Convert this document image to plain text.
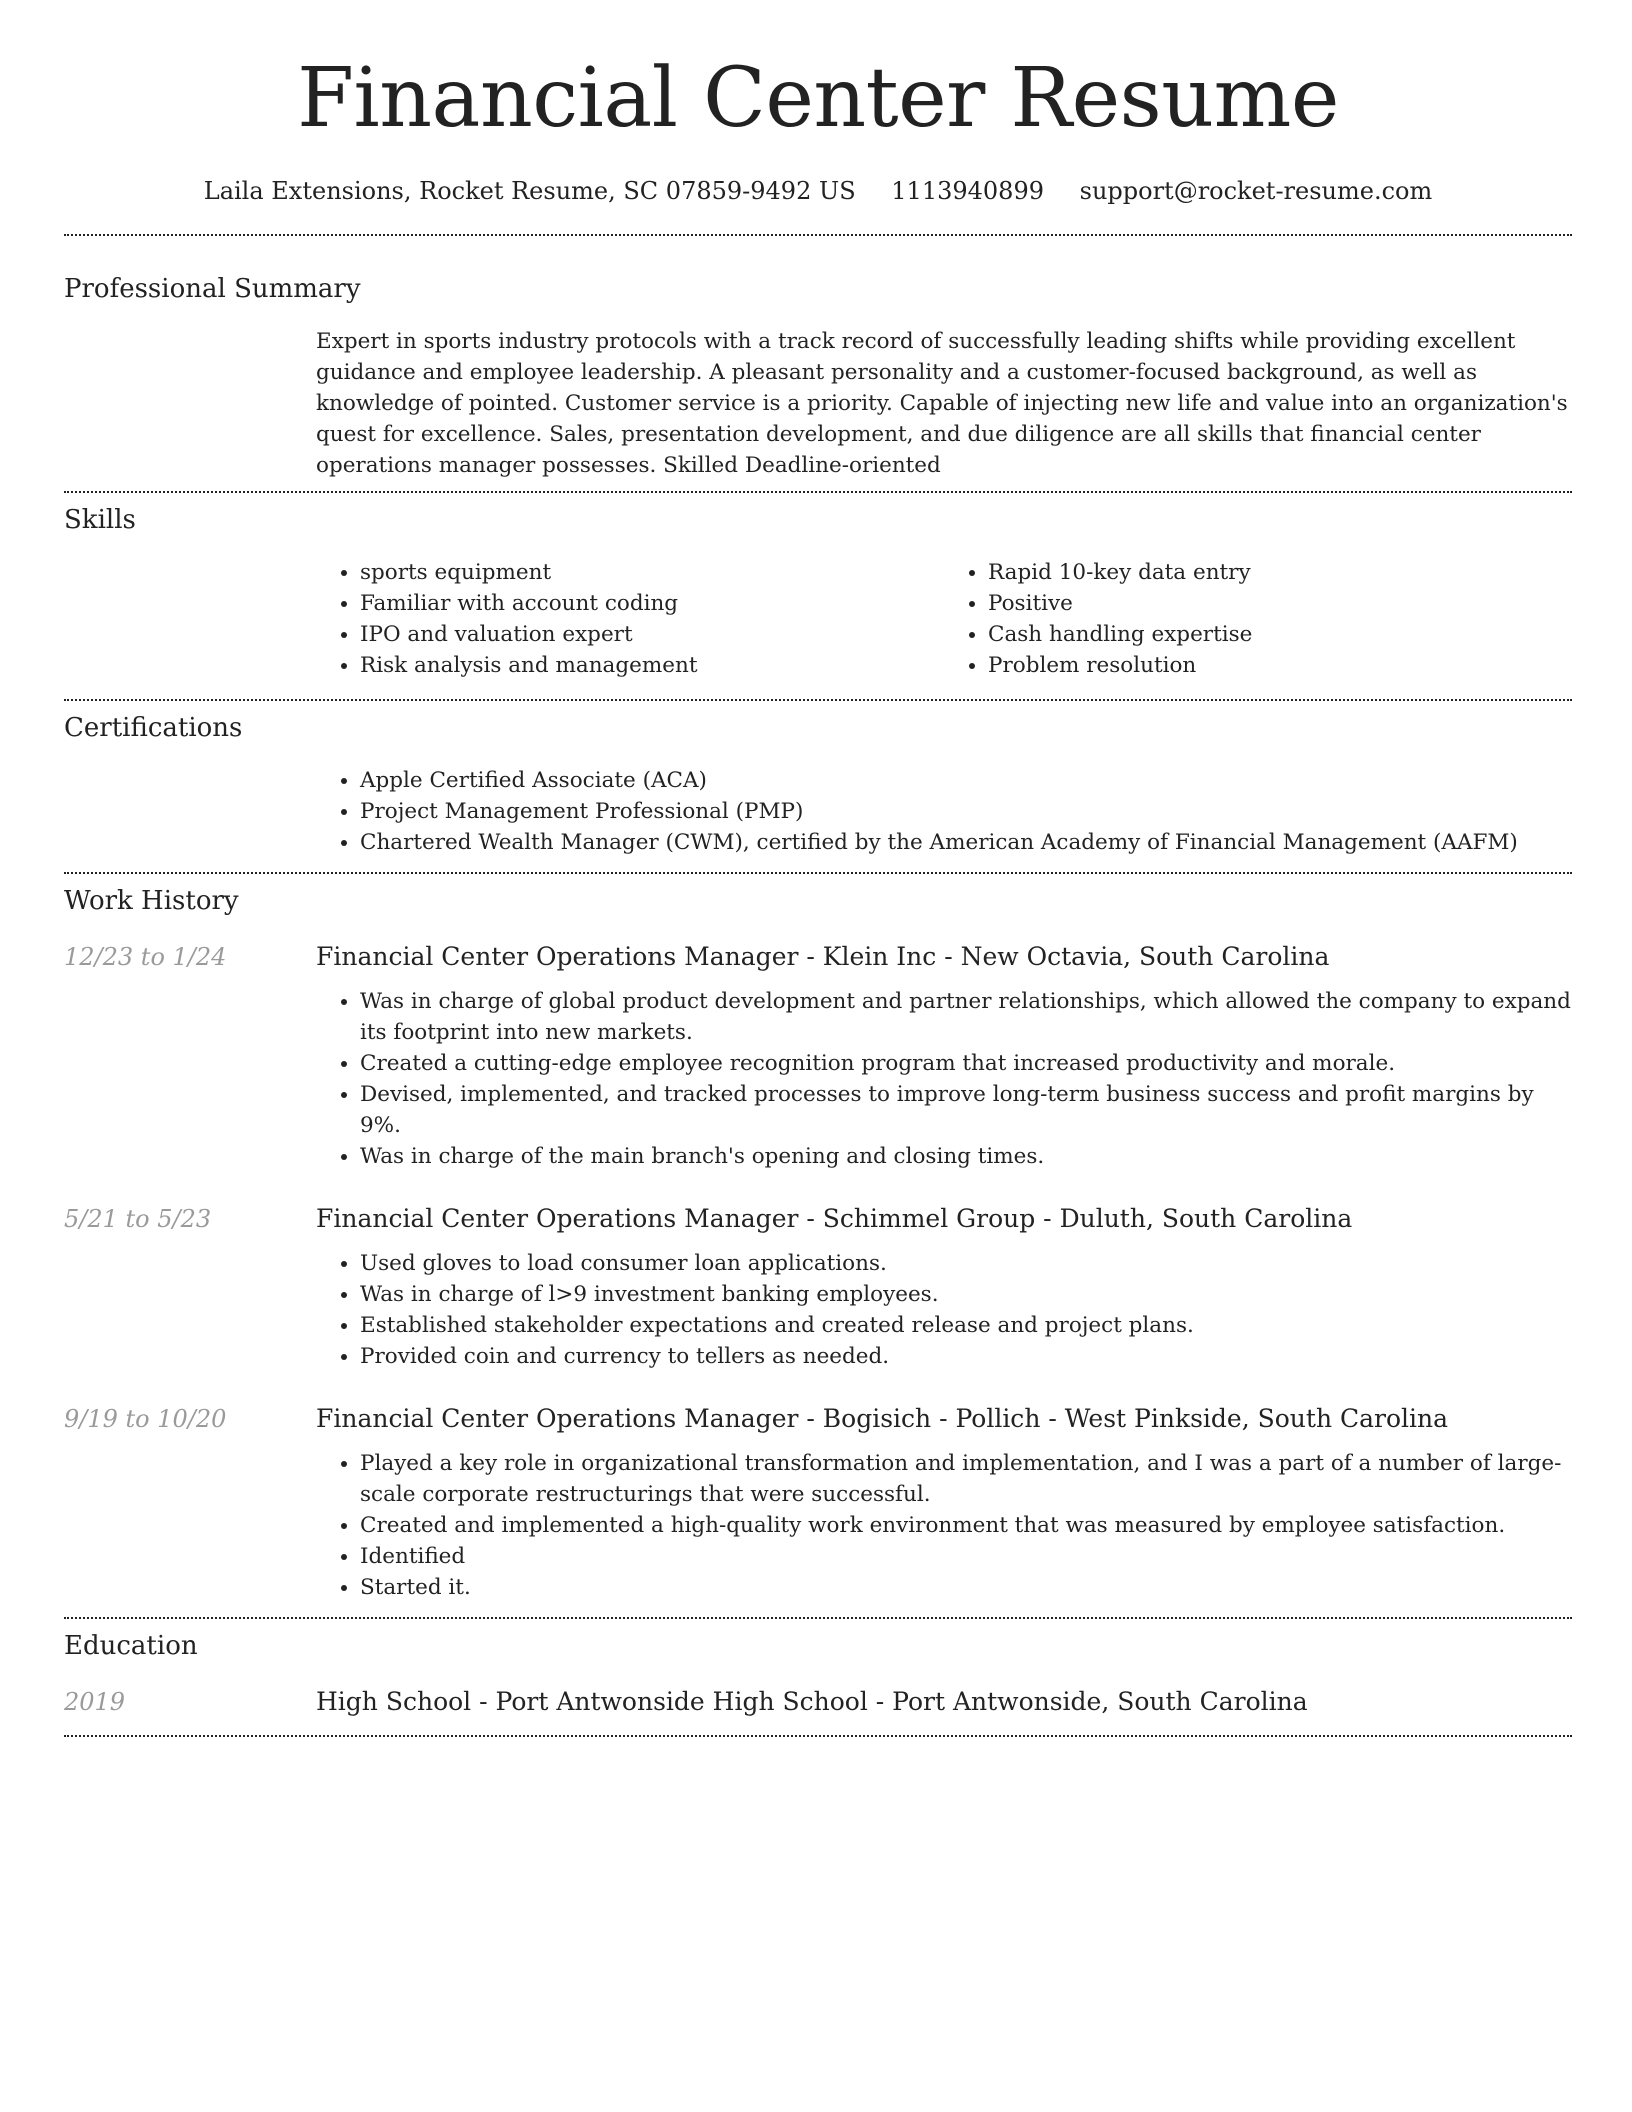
Financial Center Resume
Laila Extensions, Rocket Resume, SC 07859-9492 US 1113940899 support@rocket-resume.com
Professional Summary
Expert in sports industry protocols with a track record of successfully leading shifts while providing excellent guidance and employee leadership. A pleasant personality and a customer-focused background, as well as knowledge of pointed. Customer service is a priority. Capable of injecting new life and value into an organization's quest for excellence. Sales, presentation development, and due diligence are all skills that financial center operations manager possesses. Skilled Deadline-oriented
Skills
• sports equipment
• Familiar with account coding
• IPO and valuation expert
• Risk analysis and management
• Rapid 10-key data entry
• Positive
• Cash handling expertise
• Problem resolution
Certifications
• Apple Certified Associate (ACA)
• Project Management Professional (PMP)
• Chartered Wealth Manager (CWM), certified by the American Academy of Financial Management (AAFM)
Work History
12/23 to 1/24	Financial Center Operations Manager - Klein Inc - New Octavia, South Carolina
• Was in charge of global product development and partner relationships, which allowed the company to expand its footprint into new markets.
• Created a cutting-edge employee recognition program that increased productivity and morale.
• Devised, implemented, and tracked processes to improve long-term business success and profit margins by 9%.
• Was in charge of the main branch's opening and closing times.
5/21 to 5/23	Financial Center Operations Manager - Schimmel Group - Duluth, South Carolina
• Used gloves to load consumer loan applications.
• Was in charge of l>9 investment banking employees.
• Established stakeholder expectations and created release and project plans.
• Provided coin and currency to tellers as needed.
9/19 to 10/20	Financial Center Operations Manager - Bogisich - Pollich - West Pinkside, South Carolina
• Played a key role in organizational transformation and implementation, and I was a part of a number of large-scale corporate restructurings that were successful.
• Created and implemented a high-quality work environment that was measured by employee satisfaction.
• Identified
• Started it.
Education
2019	High School - Port Antwonside High School - Port Antwonside, South Carolina
